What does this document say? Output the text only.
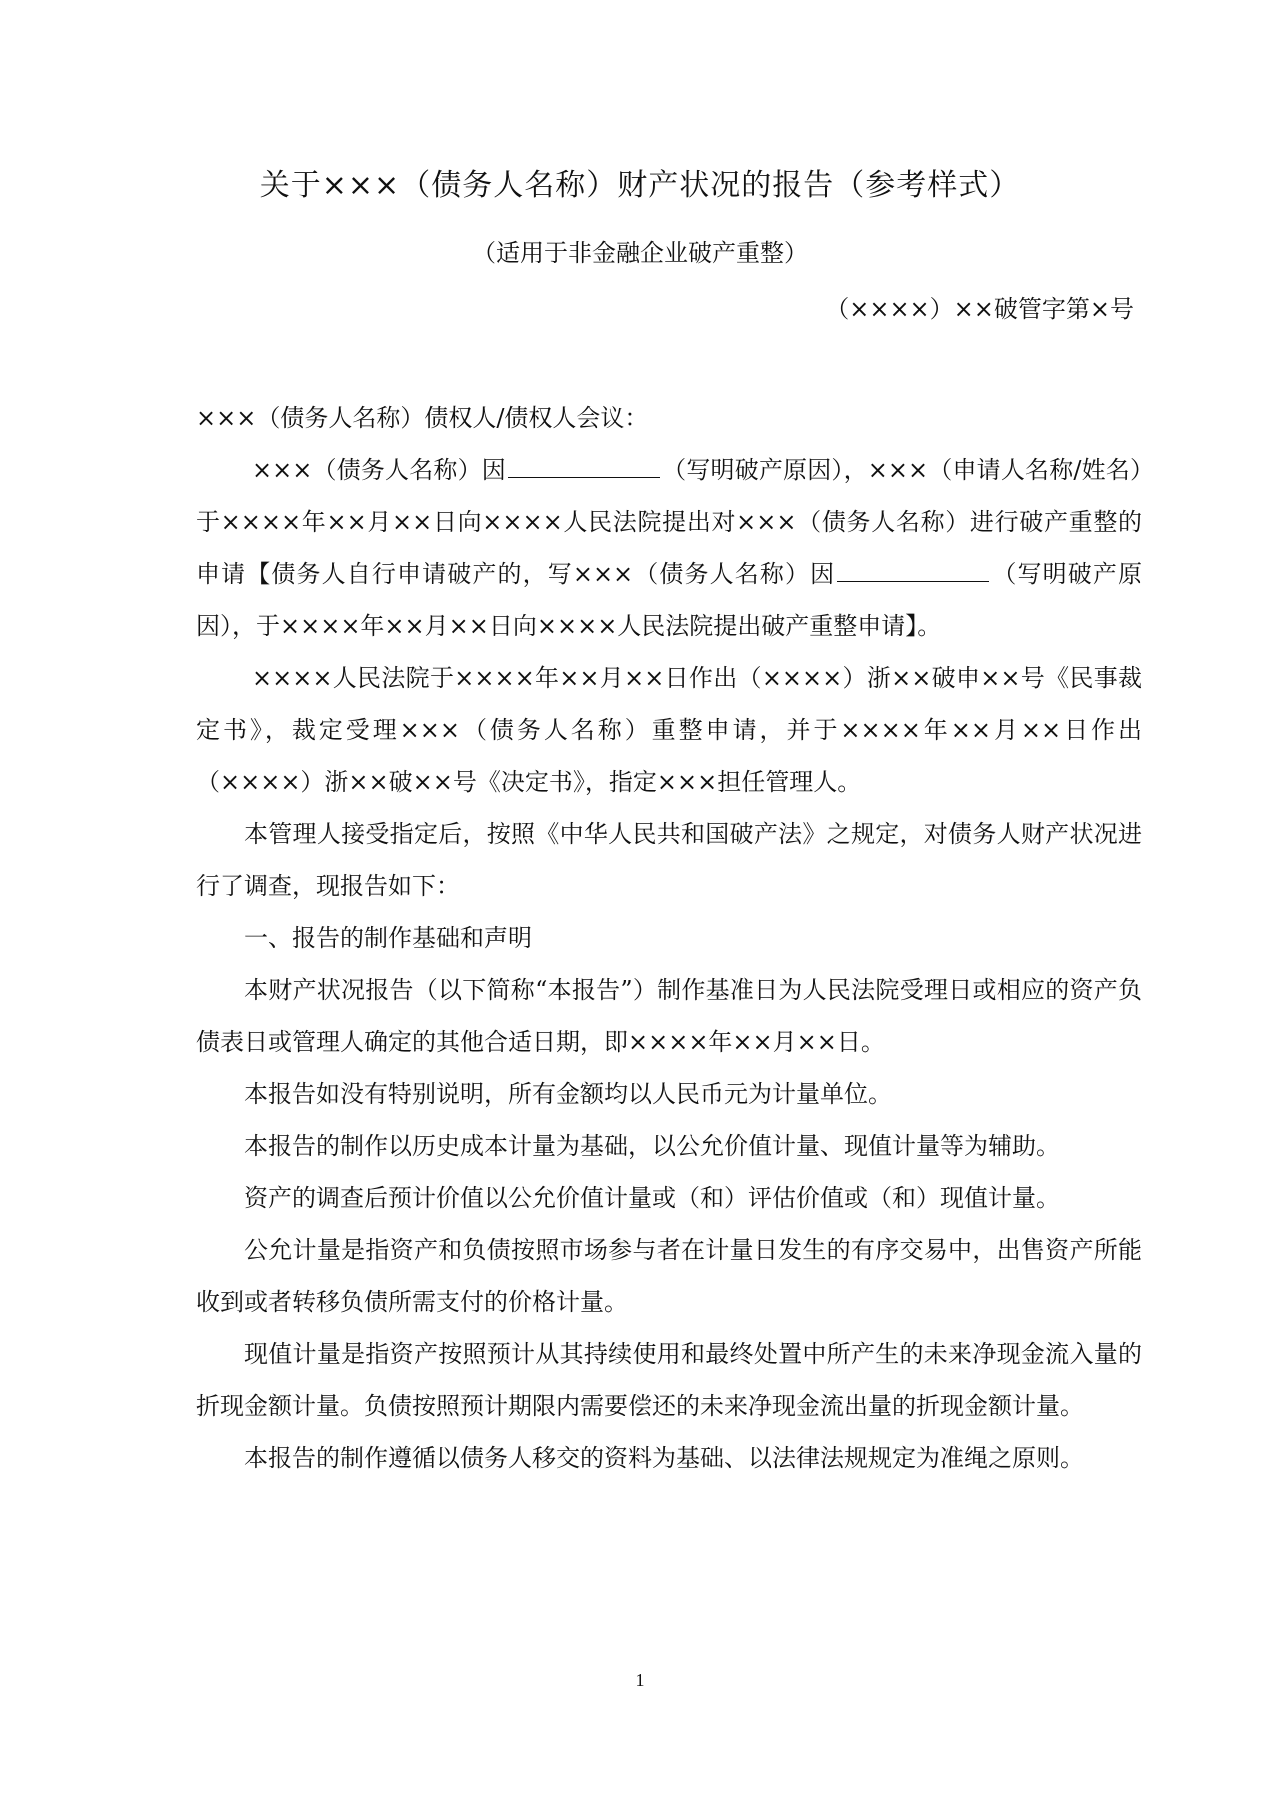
关于×××（债务人名称）财产状况的报告（参考样式）
（适用于非金融企业破产重整）
（××××）××破管字第×号

×××（债务人名称）债权人/债权人会议：

×××（债务人名称）因	（写明破产原因），×××（申请人名称/姓名）于××××年××月××日向××××人民法院提出对×××（债务人名称）进行破产重整的申请【债务人自行申请破产的，写×××（债务人名称）因	（写明破产原因），于××××年××月××日向××××人民法院提出破产重整申请】。

××××人民法院于××××年××月××日作出（××××）浙××破申××号《民事裁定书》，裁定受理×××（债务人名称）重整申请，并于××××年××月××日作出（××××）浙××破××号《决定书》，指定×××担任管理人。

本管理人接受指定后，按照《中华人民共和国破产法》之规定，对债务人财产状况进行了调查，现报告如下：

一、报告的制作基础和声明

本财产状况报告（以下简称“本报告”）制作基准日为人民法院受理日或相应的资产负债表日或管理人确定的其他合适日期，即××××年××月××日。

本报告如没有特别说明，所有金额均以人民币元为计量单位。

本报告的制作以历史成本计量为基础，以公允价值计量、现值计量等为辅助。

资产的调查后预计价值以公允价值计量或（和）评估价值或（和）现值计量。

公允计量是指资产和负债按照市场参与者在计量日发生的有序交易中，出售资产所能收到或者转移负债所需支付的价格计量。

现值计量是指资产按照预计从其持续使用和最终处置中所产生的未来净现金流入量的折现金额计量。负债按照预计期限内需要偿还的未来净现金流出量的折现金额计量。

本报告的制作遵循以债务人移交的资料为基础、以法律法规规定为准绳之原则。

1
